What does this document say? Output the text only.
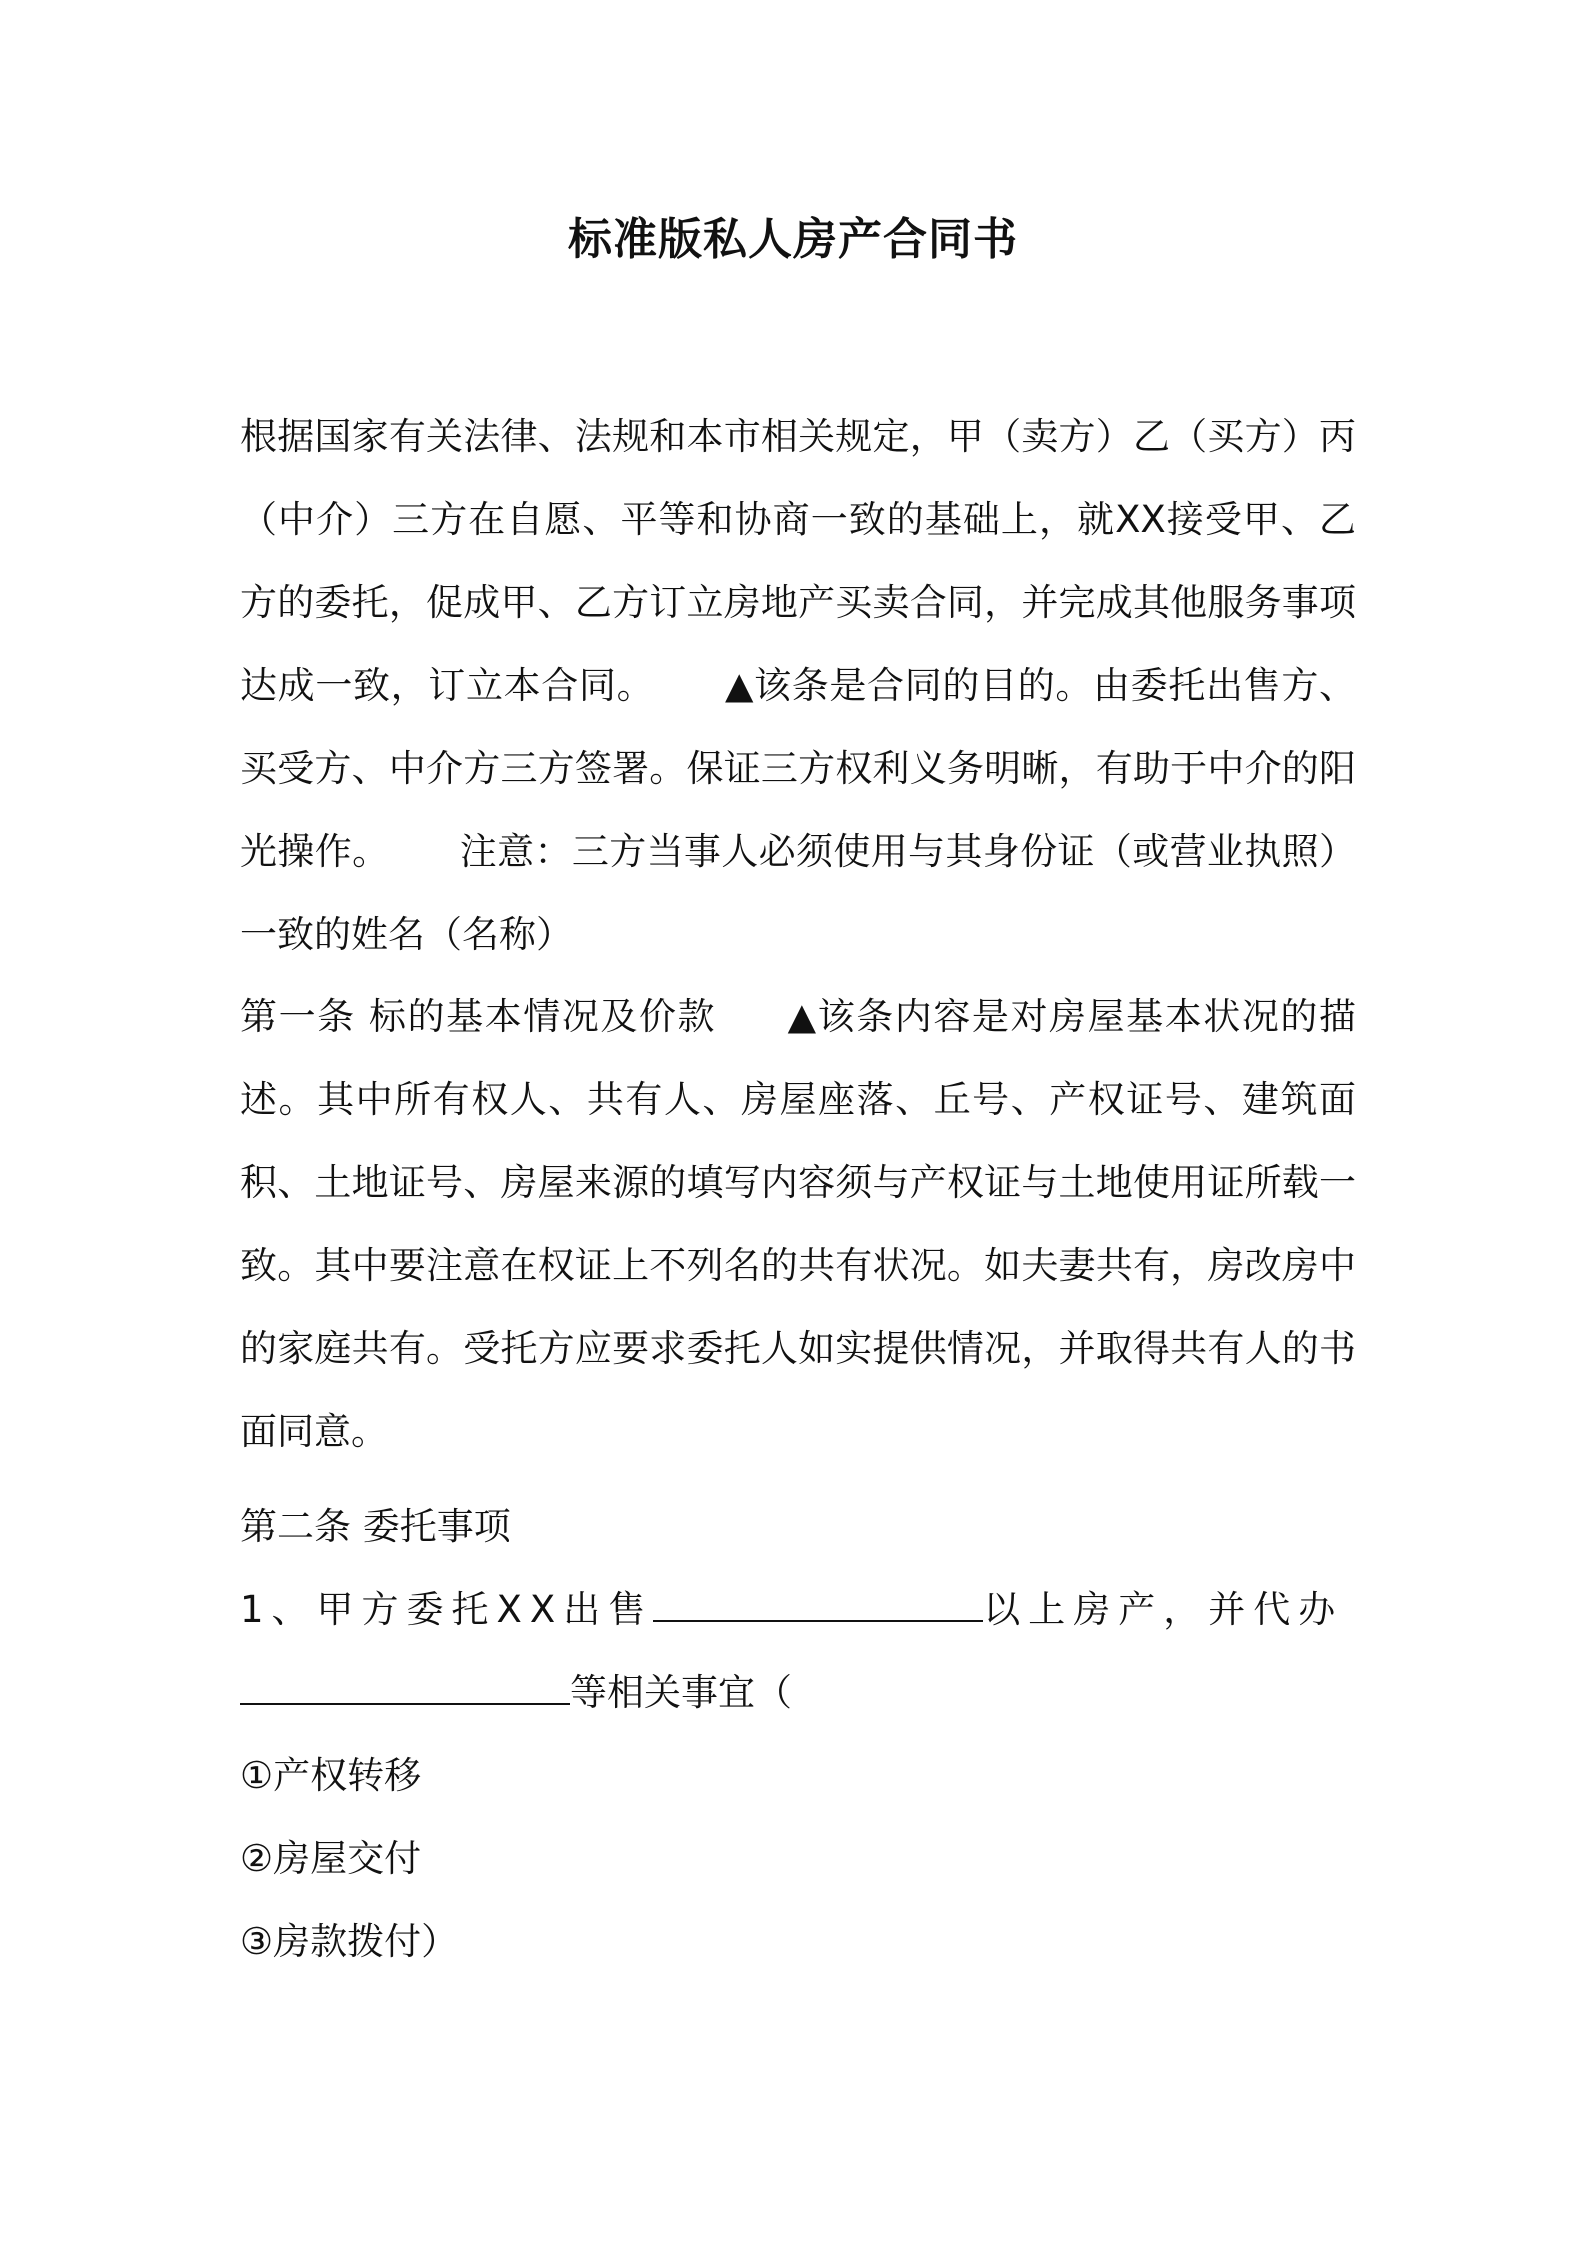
标准版私人房产合同书
根据国家有关法律、法规和本市相关规定，甲（卖方）乙（买方）丙（中介）三方在自愿、平等和协商一致的基础上，就XX接受甲、乙方的委托，促成甲、乙方订立房地产买卖合同，并完成其他服务事项达成一致，订立本合同。 ▲该条是合同的目的。由委托出售方、买受方、中介方三方签署。保证三方权利义务明晰，有助于中介的阳光操作。 注意：三方当事人必须使用与其身份证（或营业执照）一致的姓名（名称）
第一条 标的基本情况及价款 ▲该条内容是对房屋基本状况的描述。其中所有权人、共有人、房屋座落、丘号、产权证号、建筑面积、土地证号、房屋来源的填写内容须与产权证与土地使用证所载一致。其中要注意在权证上不列名的共有状况。如夫妻共有，房改房中的家庭共有。受托方应要求委托人如实提供情况，并取得共有人的书面同意。
第二条 委托事项
1、甲方委托XX出售	以上房产，并代办
等相关事宜（
①产权转移
②房屋交付
③房款拨付）
